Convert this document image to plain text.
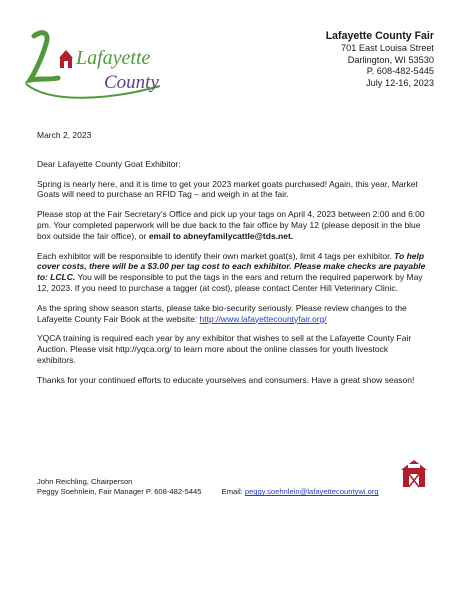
Lafayette
County
Lafayette County Fair
701 East Louisa Street
Darlington, WI 53530
P. 608-482-5445
July 12-16, 2023

March 2, 2023

Dear Lafayette County Goat Exhibitor:

Spring is nearly here, and it is time to get your 2023 market goats purchased! Again, this year, Market Goats will need to purchase an RFID Tag – and weigh in at the fair.

Please stop at the Fair Secretary’s Office and pick up your tags on April 4, 2023 between 2:00 and 6:00 pm. Your completed paperwork will be due back to the fair office by May 12 (please deposit in the blue box outside the fair office), or email to abneyfamilycattle@tds.net.

Each exhibitor will be responsible to identify their own market goat(s), limit 4 tags per exhibitor. To help cover costs, there will be a $3.00 per tag cost to each exhibitor. Please make checks are payable to: LCLC. You will be responsible to put the tags in the ears and return the required paperwork by May 12, 2023. If you need to purchase a tagger (at cost), please contact Center Hill Veterinary Clinic.

As the spring show season starts, please take bio-security seriously. Please review changes to the Lafayette County Fair Book at the website: http://www.lafayettecountyfair.org/

YQCA training is required each year by any exhibitor that wishes to sell at the Lafayette County Fair Auction. Please visit http://yqca.org/ to learn more about the online classes for youth livestock exhibitors.

Thanks for your continued efforts to educate yourselves and consumers. Have a great show season!

John Reichling, Chairperson
Peggy Soehnlein, Fair Manager P. 608-482-5445	Email: peggy.soehnlein@lafayettecountywi.org
